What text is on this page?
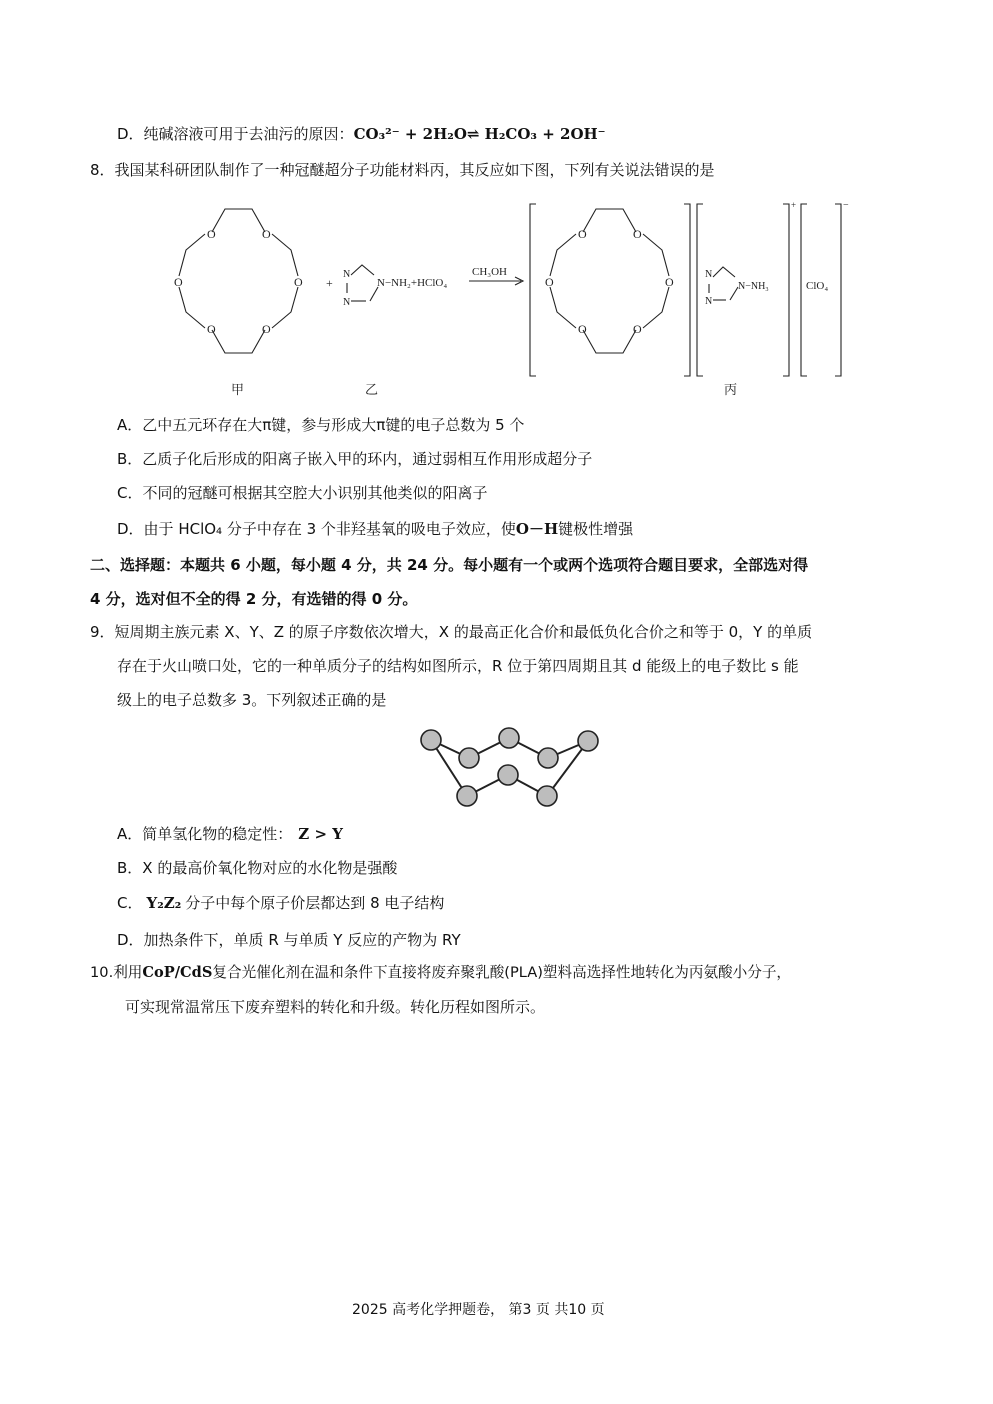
D．纯碱溶液可用于去油污的原因：CO₃²⁻ + 2H₂O⇌ H₂CO₃ + 2OH⁻
8．我国某科研团队制作了一种冠醚超分子功能材料丙，其反应如下图，下列有关说法错误的是
O	O
O
O
O
O	+
N
N
N−NH₂+HClO₄
CH₃OH
O	O
O
O
O
O
N
N
N−NH₃
+
ClO₄
−
甲	乙	丙
A．乙中五元环存在大π键，参与形成大π键的电子总数为 5 个
B．乙质子化后形成的阳离子嵌入甲的环内，通过弱相互作用形成超分子
C．不同的冠醚可根据其空腔大小识别其他类似的阳离子
D．由于 HClO₄ 分子中存在 3 个非羟基氧的吸电子效应，使O－H键极性增强
二、选择题：本题共 6 小题，每小题 4 分，共 24 分。每小题有一个或两个选项符合题目要求，全部选对得
4 分，选对但不全的得 2 分，有选错的得 0 分。
9．短周期主族元素 X、Y、Z 的原子序数依次增大，X 的最高正化合价和最低负化合价之和等于 0，Y 的单质
存在于火山喷口处，它的一种单质分子的结构如图所示，R 位于第四周期且其 d 能级上的电子数比 s 能
级上的电子总数多 3。下列叙述正确的是
A．简单氢化物的稳定性： Z > Y
B．X 的最高价氧化物对应的水化物是强酸
C． Y₂Z₂ 分子中每个原子价层都达到 8 电子结构
D．加热条件下，单质 R 与单质 Y 反应的产物为 RY
10.利用CoP/CdS复合光催化剂在温和条件下直接将废弃聚乳酸(PLA)塑料高选择性地转化为丙氨酸小分子，
可实现常温常压下废弃塑料的转化和升级。转化历程如图所示。
2025 高考化学押题卷， 第3 页 共10 页
